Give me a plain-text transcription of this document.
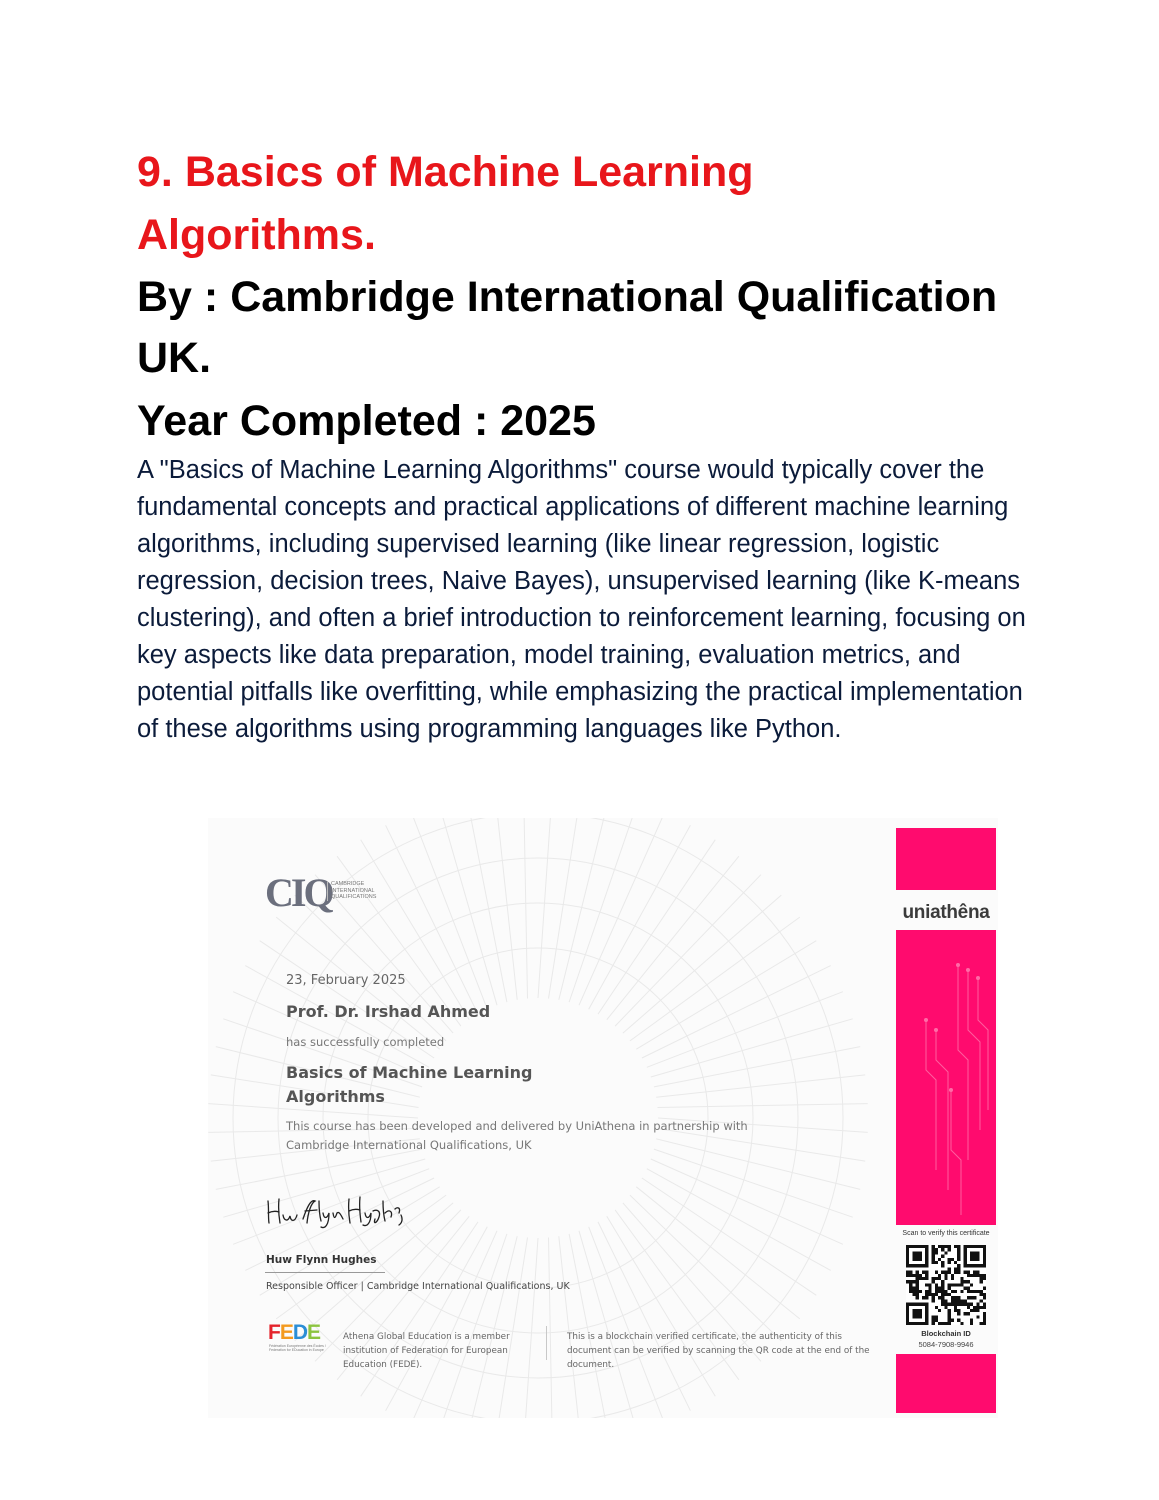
9. Basics of Machine Learning
Algorithms.
By : Cambridge International Qualification
UK.
Year Completed : 2025

A "Basics of Machine Learning Algorithms" course would typically cover the fundamental concepts and practical applications of different machine learning algorithms, including supervised learning (like linear regression, logistic regression, decision trees, Naive Bayes), unsupervised learning (like K-means clustering), and often a brief introduction to reinforcement learning, focusing on key aspects like data preparation, model training, evaluation metrics, and potential pitfalls like overfitting, while emphasizing the practical implementation of these algorithms using programming languages like Python.

uniathêna
CIQ CAMBRIDGE
INTERNATIONAL
QUALIFICATIONS
23, February 2025
Prof. Dr. Irshad Ahmed
has successfully completed
Basics of Machine Learning Algorithms
This course has been developed and delivered by UniAthena in partnership with Cambridge International Qualifications, UK
Huw Flynn Hughes
Responsible Officer | Cambridge International Qualifications, UK
FEDE
Fédération Européenne des Écoles / Federation for EDucation in Europe
Athena Global Education is a member institution of Federation for European Education (FEDE).
This is a blockchain verified certificate, the authenticity of this document can be verified by scanning the QR code at the end of the document.
Scan to verify this certificate
Blockchain ID
5084-7908-9946
